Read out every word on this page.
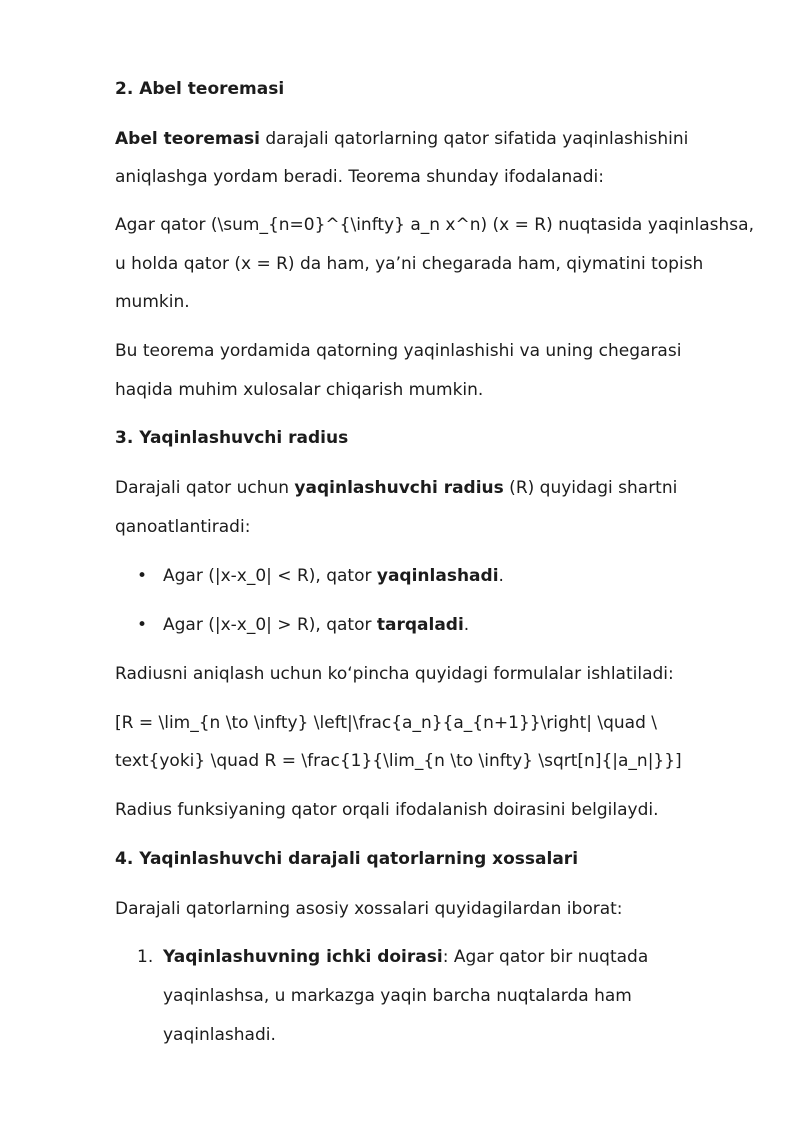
2. Abel teoremasi
Abel teoremasi darajali qatorlarning qator sifatida yaqinlashishini
aniqlashga yordam beradi. Teorema shunday ifodalanadi:
Agar qator (\sum_{n=0}^{\infty} a_n x^n) (x = R) nuqtasida yaqinlashsa,
u holda qator (x = R) da ham, ya’ni chegarada ham, qiymatini topish
mumkin.
Bu teorema yordamida qatorning yaqinlashishi va uning chegarasi
haqida muhim xulosalar chiqarish mumkin.
3. Yaqinlashuvchi radius
Darajali qator uchun yaqinlashuvchi radius (R) quyidagi shartni
qanoatlantiradi:
• Agar (|x-x_0| < R), qator yaqinlashadi.
• Agar (|x-x_0| > R), qator tarqaladi.
Radiusni aniqlash uchun ko‘pincha quyidagi formulalar ishlatiladi:
[R = \lim_{n \to \infty} \left|\frac{a_n}{a_{n+1}}\right| \quad \
text{yoki} \quad R = \frac{1}{\lim_{n \to \infty} \sqrt[n]{|a_n|}}]
Radius funksiyaning qator orqali ifodalanish doirasini belgilaydi.
4. Yaqinlashuvchi darajali qatorlarning xossalari
Darajali qatorlarning asosiy xossalari quyidagilardan iborat:
1. Yaqinlashuvning ichki doirasi: Agar qator bir nuqtada
yaqinlashsa, u markazga yaqin barcha nuqtalarda ham
yaqinlashadi.
